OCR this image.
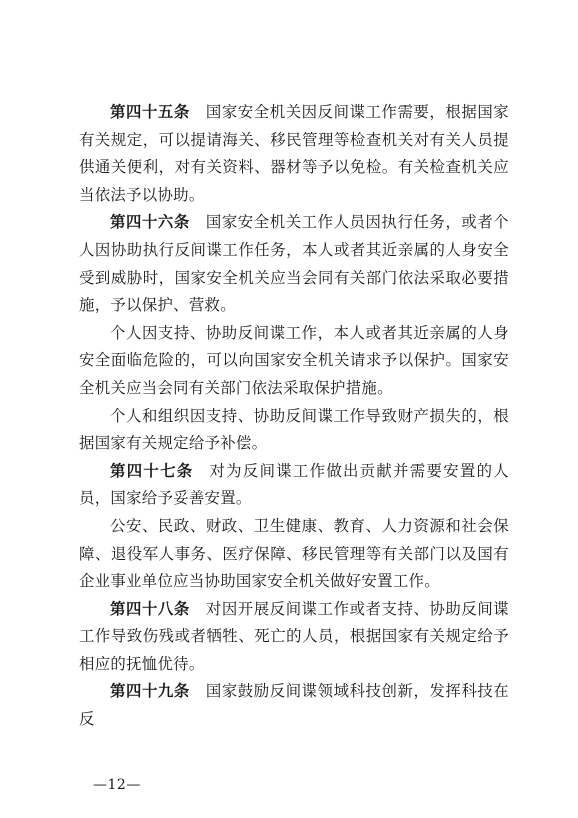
第四十五条 国家安全机关因反间谍工作需要，根据国家有关规定，可以提请海关、移民管理等检查机关对有关人员提供通关便利，对有关资料、器材等予以免检。有关检查机关应当依法予以协助。

第四十六条 国家安全机关工作人员因执行任务，或者个人因协助执行反间谍工作任务，本人或者其近亲属的人身安全受到威胁时，国家安全机关应当会同有关部门依法采取必要措施，予以保护、营救。

个人因支持、协助反间谍工作，本人或者其近亲属的人身安全面临危险的，可以向国家安全机关请求予以保护。国家安全机关应当会同有关部门依法采取保护措施。

个人和组织因支持、协助反间谍工作导致财产损失的，根据国家有关规定给予补偿。

第四十七条 对为反间谍工作做出贡献并需要安置的人员，国家给予妥善安置。

公安、民政、财政、卫生健康、教育、人力资源和社会保障、退役军人事务、医疗保障、移民管理等有关部门以及国有企业事业单位应当协助国家安全机关做好安置工作。

第四十八条 对因开展反间谍工作或者支持、协助反间谍工作导致伤残或者牺牲、死亡的人员，根据国家有关规定给予相应的抚恤优待。

第四十九条 国家鼓励反间谍领域科技创新，发挥科技在反

—12—
